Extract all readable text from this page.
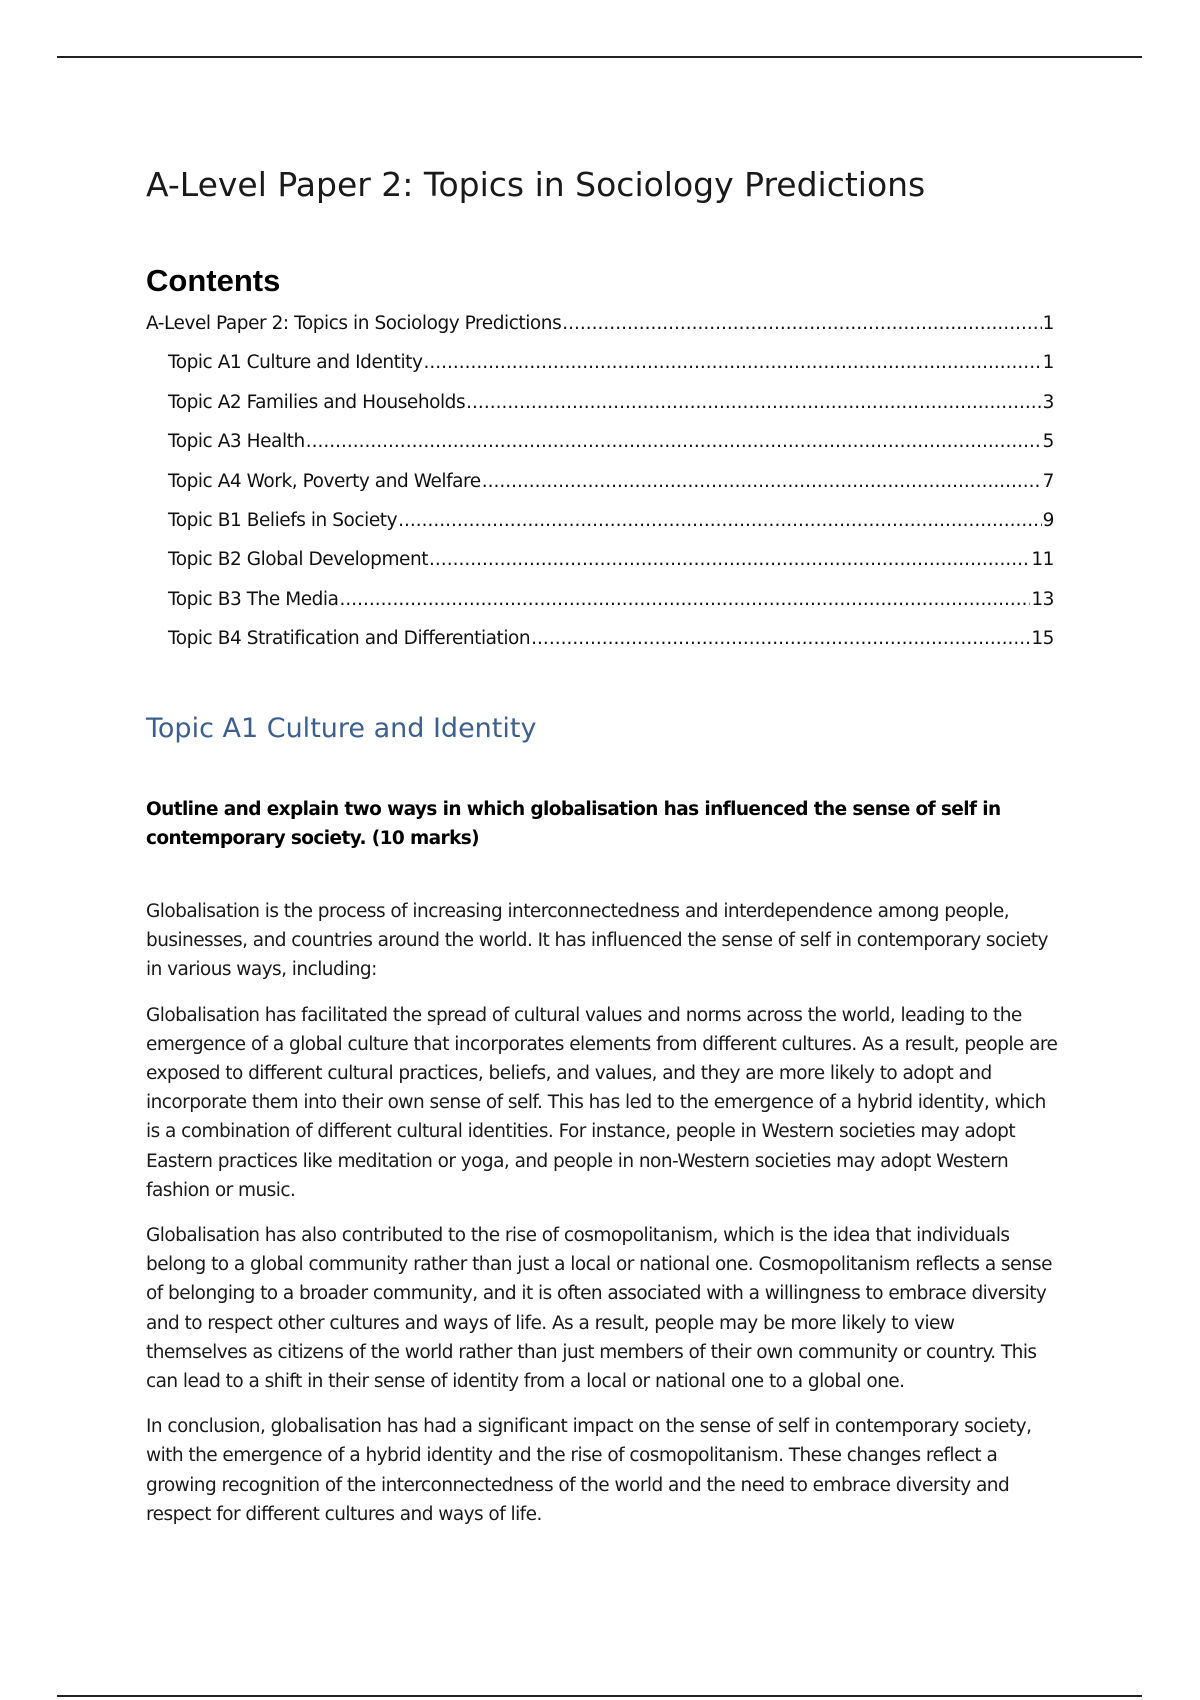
A-Level Paper 2: Topics in Sociology Predictions
Contents
A-Level Paper 2: Topics in Sociology Predictions .....	1
Topic A1 Culture and Identity .....	1
Topic A2 Families and Households .....	3
Topic A3 Health .....	5
Topic A4 Work, Poverty and Welfare .....	7
Topic B1 Beliefs in Society .....	9
Topic B2 Global Development .....	11
Topic B3 The Media .....	13
Topic B4 Stratification and Differentiation .....	15
Topic A1 Culture and Identity

Outline and explain two ways in which globalisation has influenced the sense of self in contemporary society. (10 marks)

Globalisation is the process of increasing interconnectedness and interdependence among people, businesses, and countries around the world. It has influenced the sense of self in contemporary society in various ways, including:

Globalisation has facilitated the spread of cultural values and norms across the world, leading to the emergence of a global culture that incorporates elements from different cultures. As a result, people are exposed to different cultural practices, beliefs, and values, and they are more likely to adopt and incorporate them into their own sense of self. This has led to the emergence of a hybrid identity, which is a combination of different cultural identities. For instance, people in Western societies may adopt Eastern practices like meditation or yoga, and people in non-Western societies may adopt Western fashion or music.

Globalisation has also contributed to the rise of cosmopolitanism, which is the idea that individuals belong to a global community rather than just a local or national one. Cosmopolitanism reflects a sense of belonging to a broader community, and it is often associated with a willingness to embrace diversity and to respect other cultures and ways of life. As a result, people may be more likely to view themselves as citizens of the world rather than just members of their own community or country. This can lead to a shift in their sense of identity from a local or national one to a global one.

In conclusion, globalisation has had a significant impact on the sense of self in contemporary society, with the emergence of a hybrid identity and the rise of cosmopolitanism. These changes reflect a growing recognition of the interconnectedness of the world and the need to embrace diversity and respect for different cultures and ways of life.
